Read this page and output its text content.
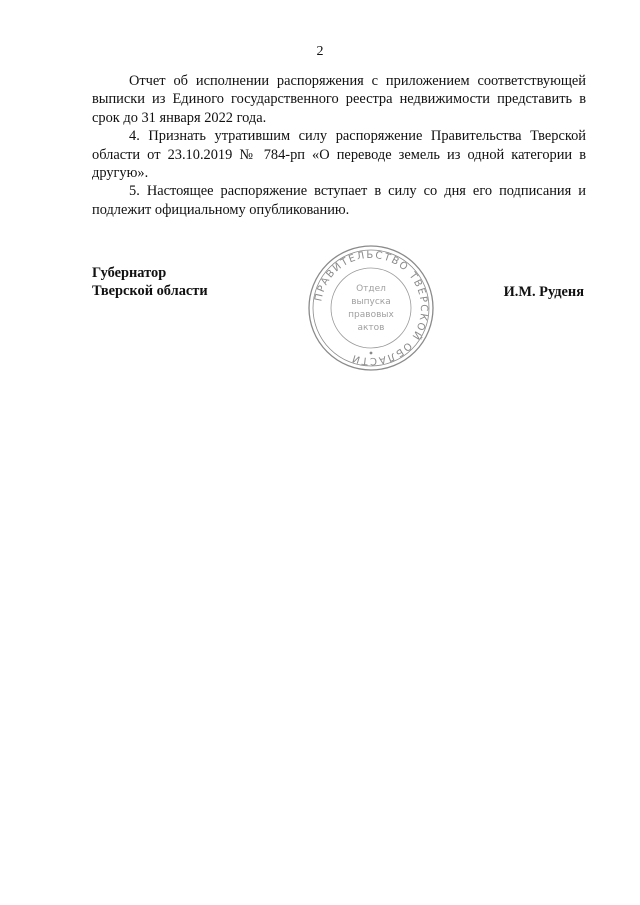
2

Отчет об исполнении распоряжения с приложением соответствующей выписки из Единого государственного реестра недвижимости представить в срок до 31 января 2022 года.

4. Признать утратившим силу распоряжение Правительства Тверской области от 23.10.2019 № 784-рп «О переводе земель из одной категории в другую».

5. Настоящее распоряжение вступает в силу со дня его подписания и подлежит официальному опубликованию.

Губернатор
Тверской области	И.М. Руденя
ПРАВИТЕЛЬСТВО ТВЕРСКОЙ ОБЛАСТИ
Отдел
выпуска
правовых
актов
